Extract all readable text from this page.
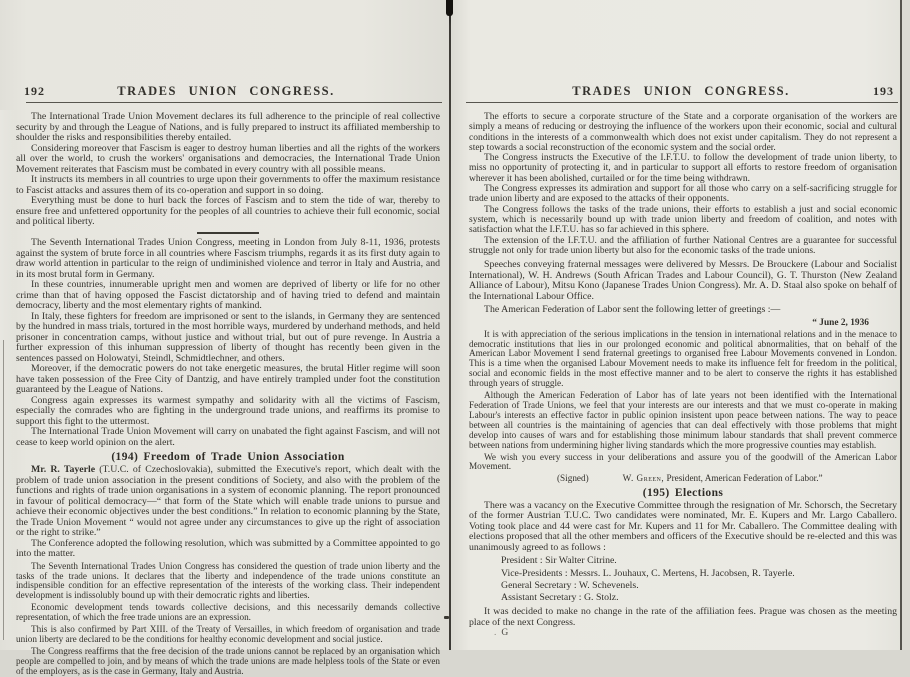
192	TRADES UNION CONGRESS.

The International Trade Union Movement declares its full adherence to the principle of real collective security by and through the League of Nations, and is fully prepared to instruct its affiliated membership to shoulder the risks and responsibilities thereby entailed.

Considering moreover that Fascism is eager to destroy human liberties and all the rights of the workers all over the world, to crush the workers' organisations and democracies, the International Trade Union Movement reiterates that Fascism must be combated in every country with all possible means.

It instructs its members in all countries to urge upon their governments to offer the maximum resistance to Fascist attacks and assures them of its co-operation and support in so doing.

Everything must be done to hurl back the forces of Fascism and to stem the tide of war, thereby to ensure free and unfettered opportunity for the peoples of all countries to achieve their full economic, social and political liberty.

The Seventh International Trades Union Congress, meeting in London from July 8-11, 1936, protests against the system of brute force in all countries where Fascism triumphs, regards it as its first duty again to draw world attention in particular to the reign of undiminished violence and terror in Italy and Austria, and in its most brutal form in Germany.

In these countries, innumerable upright men and women are deprived of liberty or life for no other crime than that of having opposed the Fascist dictatorship and of having tried to defend and maintain democracy, liberty and the most elementary rights of mankind.

In Italy, these fighters for freedom are imprisoned or sent to the islands, in Germany they are sentenced by the hundred in mass trials, tortured in the most horrible ways, murdered by underhand methods, and held prisoner in concentration camps, without justice and without trial, but out of pure revenge. In Austria a further expression of this inhuman suppression of liberty of thought has recently been given in the sentences passed on Holowatyi, Steindl, Schmidtlechner, and others.

Moreover, if the democratic powers do not take energetic measures, the brutal Hitler regime will soon have taken possession of the Free City of Dantzig, and have entirely trampled under foot the constitution guaranteed by the League of Nations.

Congress again expresses its warmest sympathy and solidarity with all the victims of Fascism, especially the comrades who are fighting in the underground trade unions, and reaffirms its promise to support this fight to the uttermost.

The International Trade Union Movement will carry on unabated the fight against Fascism, and will not cease to keep world opinion on the alert.

(194) Freedom of Trade Union Association

Mr. R. Tayerle (T.U.C. of Czechoslovakia), submitted the Executive's report, which dealt with the problem of trade union association in the present conditions of Society, and also with the problem of the functions and rights of trade union organisations in a system of economic planning. The report pronounced in favour of political democracy—“ that form of the State which will enable trade unions to pursue and achieve their economic objectives under the best conditions.” In relation to economic planning by the State, the Trade Union Movement “ would not agree under any circumstances to give up the right of association or the right to strike.”

The Conference adopted the following resolution, which was submitted by a Committee appointed to go into the matter.

The Seventh International Trades Union Congress has considered the question of trade union liberty and the tasks of the trade unions. It declares that the liberty and independence of the trade unions constitute an indispensible condition for an effective representation of the interests of the working class. Their independent development is indissolubly bound up with their democratic rights and liberties.

Economic development tends towards collective decisions, and this necessarily demands collective representation, of which the free trade unions are an expression.

This is also confirmed by Part XIII. of the Treaty of Versailles, in which freedom of organisation and trade union liberty are declared to be the conditions for healthy economic development and social justice.

The Congress reaffirms that the free decision of the trade unions cannot be replaced by an organisation which people are compelled to join, and by means of which the trade unions are made helpless tools of the State or even of the employers, as is the case in Germany, Italy and Austria.

193
TRADES UNION CONGRESS.

The efforts to secure a corporate structure of the State and a corporate organisation of the workers are simply a means of reducing or destroying the influence of the workers upon their economic, social and cultural conditions in the interests of a commonwealth which does not exist under capitalism. They do not represent a step towards a social reconstruction of the economic system and the social order.

The Congress instructs the Executive of the I.F.T.U. to follow the development of trade union liberty, to miss no opportunity of protecting it, and in particular to support all efforts to restore freedom of organisation wherever it has been abolished, curtailed or for the time being withdrawn.

The Congress expresses its admiration and support for all those who carry on a self-sacrificing struggle for trade union liberty and are exposed to the attacks of their opponents.

The Congress follows the tasks of the trade unions, their efforts to establish a just and social economic system, which is necessarily bound up with trade union liberty and freedom of coalition, and notes with satisfaction what the I.F.T.U. has so far achieved in this sphere.

The extension of the I.F.T.U. and the affiliation of further National Centres are a guarantee for successful struggle not only for trade union liberty but also for the economic tasks of the trade unions.

Speeches conveying fraternal messages were delivered by Messrs. De Brouckere (Labour and Socialist International), W. H. Andrews (South African Trades and Labour Council), G. T. Thurston (New Zealand Alliance of Labour), Mitsu Kono (Japanese Trades Union Congress). Mr. A. D. Staal also spoke on behalf of the International Labour Office.

The American Federation of Labor sent the following letter of greetings :—

“ June 2, 1936

It is with appreciation of the serious implications in the tension in international relations and in the menace to democratic institutions that lies in our prolonged economic and political abnormalities, that on behalf of the American Labor Movement I send fraternal greetings to organised free Labour Movements convened in London. This is a time when the organised Labour Movement needs to make its influence felt for freedom in the political, social and economic fields in the most effective manner and to be alert to conserve the rights it has established through years of struggle.

Although the American Federation of Labor has of late years not been identified with the International Federation of Trade Unions, we feel that your interests are our interests and that we must co-operate in making Labour's interests an effective factor in public opinion insistent upon peace between nations. The way to peace between all countries is the maintaining of agencies that can deal effectively with those problems that might develop into causes of wars and for establishing those minimum labour standards that shall prevent commerce between nations from undermining higher living standards which the more progressive counties may establish.

We wish you every success in your deliberations and assure you of the goodwill of the American Labor Movement.

(Signed)	W. Green, President, American Federation of Labor.”

(195) Elections

There was a vacancy on the Executive Committee through the resignation of Mr. Schorsch, the Secretary of the former Austrian T.U.C. Two candidates were nominated, Mr. E. Kupers and Mr. Largo Caballero. Voting took place and 44 were cast for Mr. Kupers and 11 for Mr. Caballero. The Committee dealing with elections proposed that all the other members and officers of the Executive should be re-elected and this was unanimously agreed to as follows :

President : Sir Walter Citrine.

Vice-Presidents : Messrs. L. Jouhaux, C. Mertens, H. Jacobsen, R. Tayerle.

General Secretary : W. Schevenels.

Assistant Secretary : G. Stolz.

It was decided to make no change in the rate of the affiliation fees. Prague was chosen as the meeting place of the next Congress.

. G
